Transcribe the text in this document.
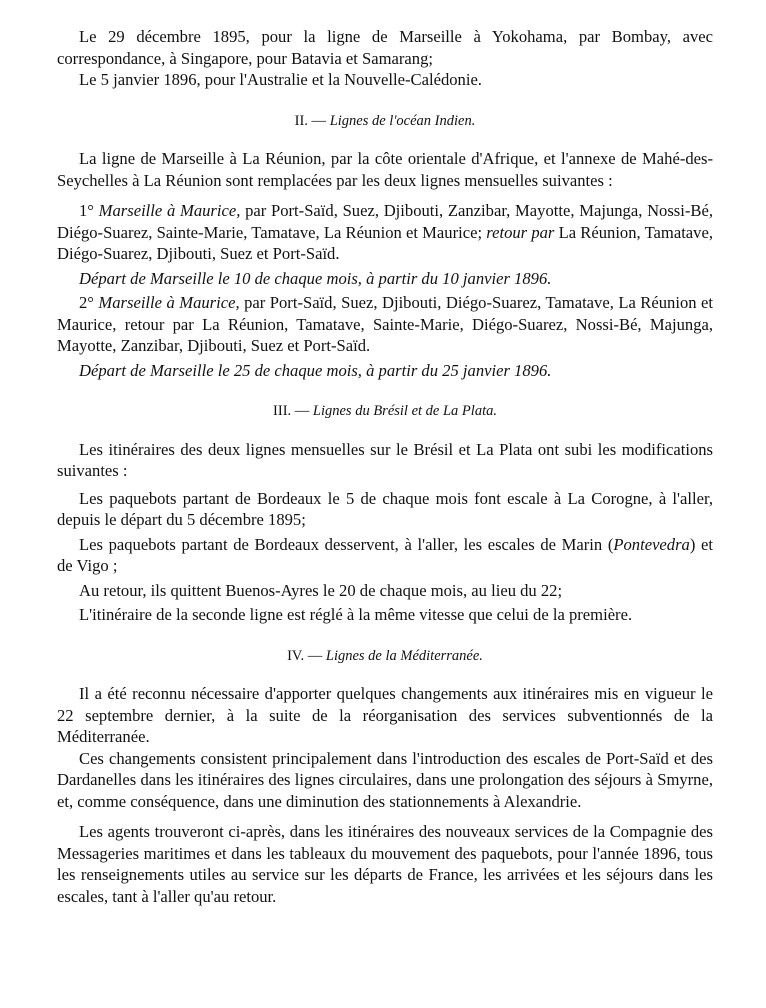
Le 29 décembre 1895, pour la ligne de Marseille à Yokohama, par Bombay, avec correspondance, à Singapore, pour Batavia et Samarang;

Le 5 janvier 1896, pour l'Australie et la Nouvelle-Calédonie.

II. — Lignes de l'océan Indien.

La ligne de Marseille à La Réunion, par la côte orientale d'Afrique, et l'annexe de Mahé-des-Seychelles à La Réunion sont remplacées par les deux lignes mensuelles suivantes :

1° Marseille à Maurice, par Port-Saïd, Suez, Djibouti, Zanzibar, Mayotte, Majunga, Nossi-Bé, Diégo-Suarez, Sainte-Marie, Tamatave, La Réunion et Maurice; retour par La Réunion, Tamatave, Diégo-Suarez, Djibouti, Suez et Port-Saïd.

Départ de Marseille le 10 de chaque mois, à partir du 10 janvier 1896.

2° Marseille à Maurice, par Port-Saïd, Suez, Djibouti, Diégo-Suarez, Tamatave, La Réunion et Maurice, retour par La Réunion, Tamatave, Sainte-Marie, Diégo-Suarez, Nossi-Bé, Majunga, Mayotte, Zanzibar, Djibouti, Suez et Port-Saïd.

Départ de Marseille le 25 de chaque mois, à partir du 25 janvier 1896.

III. — Lignes du Brésil et de La Plata.

Les itinéraires des deux lignes mensuelles sur le Brésil et La Plata ont subi les modifications suivantes :

Les paquebots partant de Bordeaux le 5 de chaque mois font escale à La Corogne, à l'aller, depuis le départ du 5 décembre 1895;

Les paquebots partant de Bordeaux desservent, à l'aller, les escales de Marin (Pontevedra) et de Vigo ;

Au retour, ils quittent Buenos-Ayres le 20 de chaque mois, au lieu du 22;

L'itinéraire de la seconde ligne est réglé à la même vitesse que celui de la première.

IV. — Lignes de la Méditerranée.

Il a été reconnu nécessaire d'apporter quelques changements aux itinéraires mis en vigueur le 22 septembre dernier, à la suite de la réorganisation des services subventionnés de la Méditerranée.

Ces changements consistent principalement dans l'introduction des escales de Port-Saïd et des Dardanelles dans les itinéraires des lignes circulaires, dans une prolongation des séjours à Smyrne, et, comme conséquence, dans une diminution des stationnements à Alexandrie.

Les agents trouveront ci-après, dans les itinéraires des nouveaux services de la Compagnie des Messageries maritimes et dans les tableaux du mouvement des paquebots, pour l'année 1896, tous les renseignements utiles au service sur les départs de France, les arrivées et les séjours dans les escales, tant à l'aller qu'au retour.
